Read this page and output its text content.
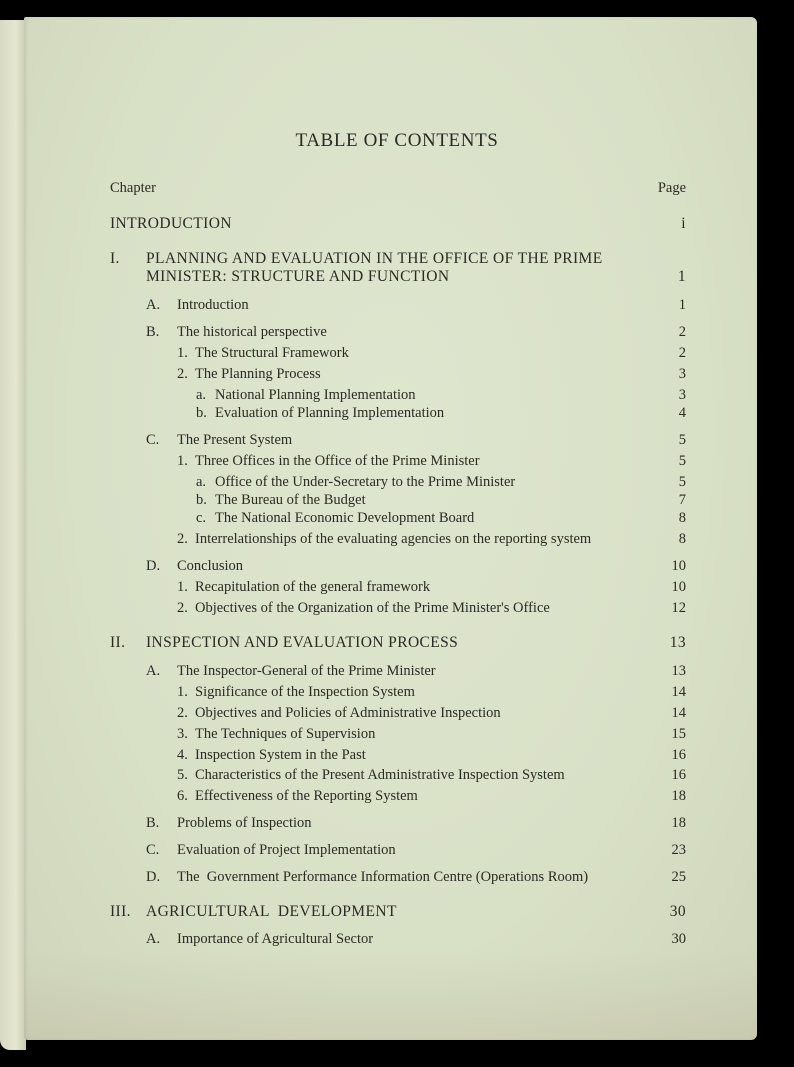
TABLE OF CONTENTS
Chapter	Page
INTRODUCTION	i
I. PLANNING AND EVALUATION IN THE OFFICE OF THE PRIME
MINISTER: STRUCTURE AND FUNCTION	1
A. Introduction	1
B. The historical perspective	2
1. The Structural Framework	2
2. The Planning Process	3
a. National Planning Implementation	3
b. Evaluation of Planning Implementation	4
C. The Present System	5
1. Three Offices in the Office of the Prime Minister	5
a. Office of the Under-Secretary to the Prime Minister	5
b. The Bureau of the Budget	7
c. The National Economic Development Board	8
2. Interrelationships of the evaluating agencies on the reporting system	8
D. Conclusion	10
1. Recapitulation of the general framework	10
2. Objectives of the Organization of the Prime Minister's Office	12
II. INSPECTION AND EVALUATION PROCESS	13
A. The Inspector-General of the Prime Minister	13
1. Significance of the Inspection System	14
2. Objectives and Policies of Administrative Inspection	14
3. The Techniques of Supervision	15
4. Inspection System in the Past	16
5. Characteristics of the Present Administrative Inspection System	16
6. Effectiveness of the Reporting System	18
B. Problems of Inspection	18
C. Evaluation of Project Implementation	23
D. The  Government Performance Information Centre (Operations Room)	25
III. AGRICULTURAL  DEVELOPMENT	30
A. Importance of Agricultural Sector	30
